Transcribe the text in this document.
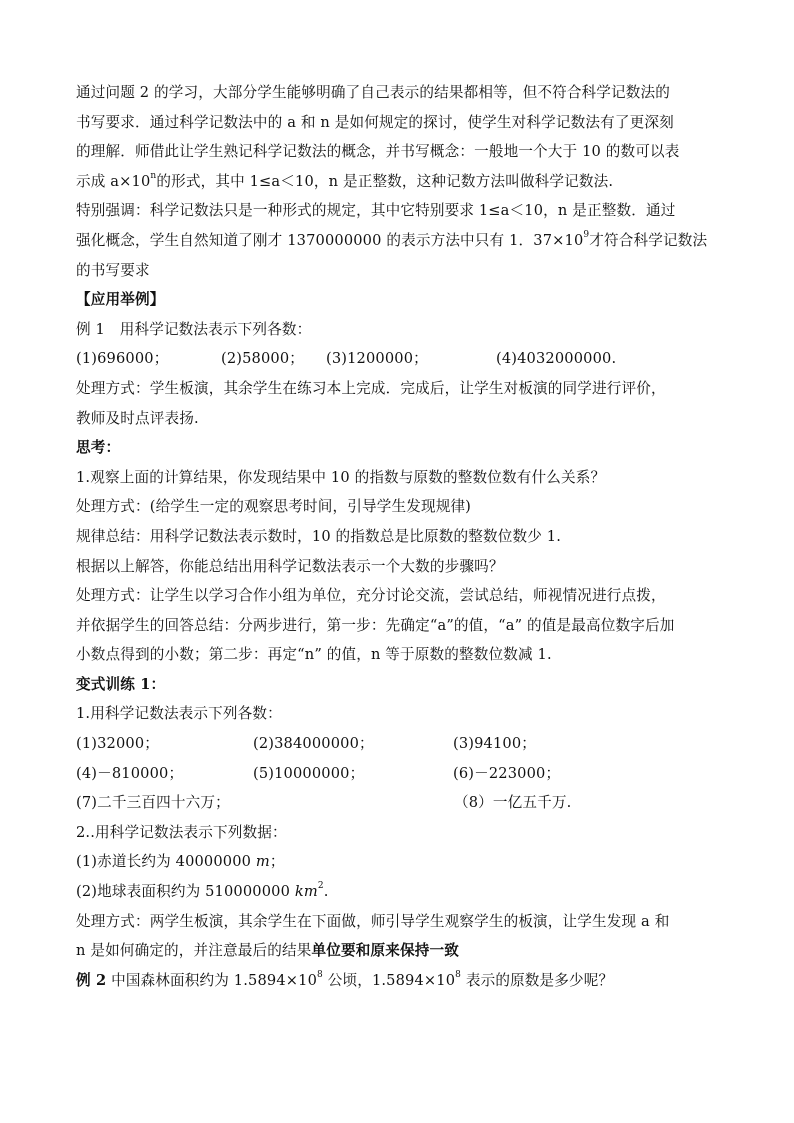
通过问题 2 的学习，大部分学生能够明确了自己表示的结果都相等，但不符合科学记数法的
书写要求．通过科学记数法中的 a 和 n 是如何规定的探讨，使学生对科学记数法有了更深刻
的理解．师借此让学生熟记科学记数法的概念，并书写概念：一般地一个大于 10 的数可以表
示成 $a\times 10^n$的形式，其中 1≤a＜10，n 是正整数，这种记数方法叫做科学记数法.
特别强调：科学记数法只是一种形式的规定，其中它特别要求 1≤a＜10，n 是正整数．通过
强化概念，学生自然知道了刚才 1370000000 的表示方法中只有 1．$37\times 10^9$才符合科学记数法
的书写要求
【应用举例】
例 1　用科学记数法表示下列各数：
(1)696000；	(2)58000；	(3)1200000；	(4)4032000000.
处理方式：学生板演，其余学生在练习本上完成．完成后，让学生对板演的同学进行评价，
教师及时点评表扬.
思考：
1.观察上面的计算结果，你发现结果中 10 的指数与原数的整数位数有什么关系？
处理方式：(给学生一定的观察思考时间，引导学生发现规律)
规律总结：用科学记数法表示数时，10 的指数总是比原数的整数位数少 1.
根据以上解答，你能总结出用科学记数法表示一个大数的步骤吗？
处理方式：让学生以学习合作小组为单位，充分讨论交流，尝试总结，师视情况进行点拨，
并依据学生的回答总结：分两步进行，第一步：先确定“a”的值，“a” 的值是最高位数字后加
小数点得到的小数；第二步：再定“n” 的值，n 等于原数的整数位数减 1.
变式训练 1：
1.用科学记数法表示下列各数：
(1)32000；	(2)384000000；	(3)94100；
(4)－810000；	(5)10000000；	(6)－223000；
(7)二千三百四十六万；	（8）一亿五千万.
2..用科学记数法表示下列数据：
(1)赤道长约为 40000000 m；
(2)地球表面积约为 510000000 $km^2$.
处理方式：两学生板演，其余学生在下面做，师引导学生观察学生的板演，让学生发现 a 和
n 是如何确定的，并注意最后的结果单位要和原来保持一致
例 2 中国森林面积约为 $1.5894\times 10^8$ 公顷，$1.5894\times 10^8$ 表示的原数是多少呢？
